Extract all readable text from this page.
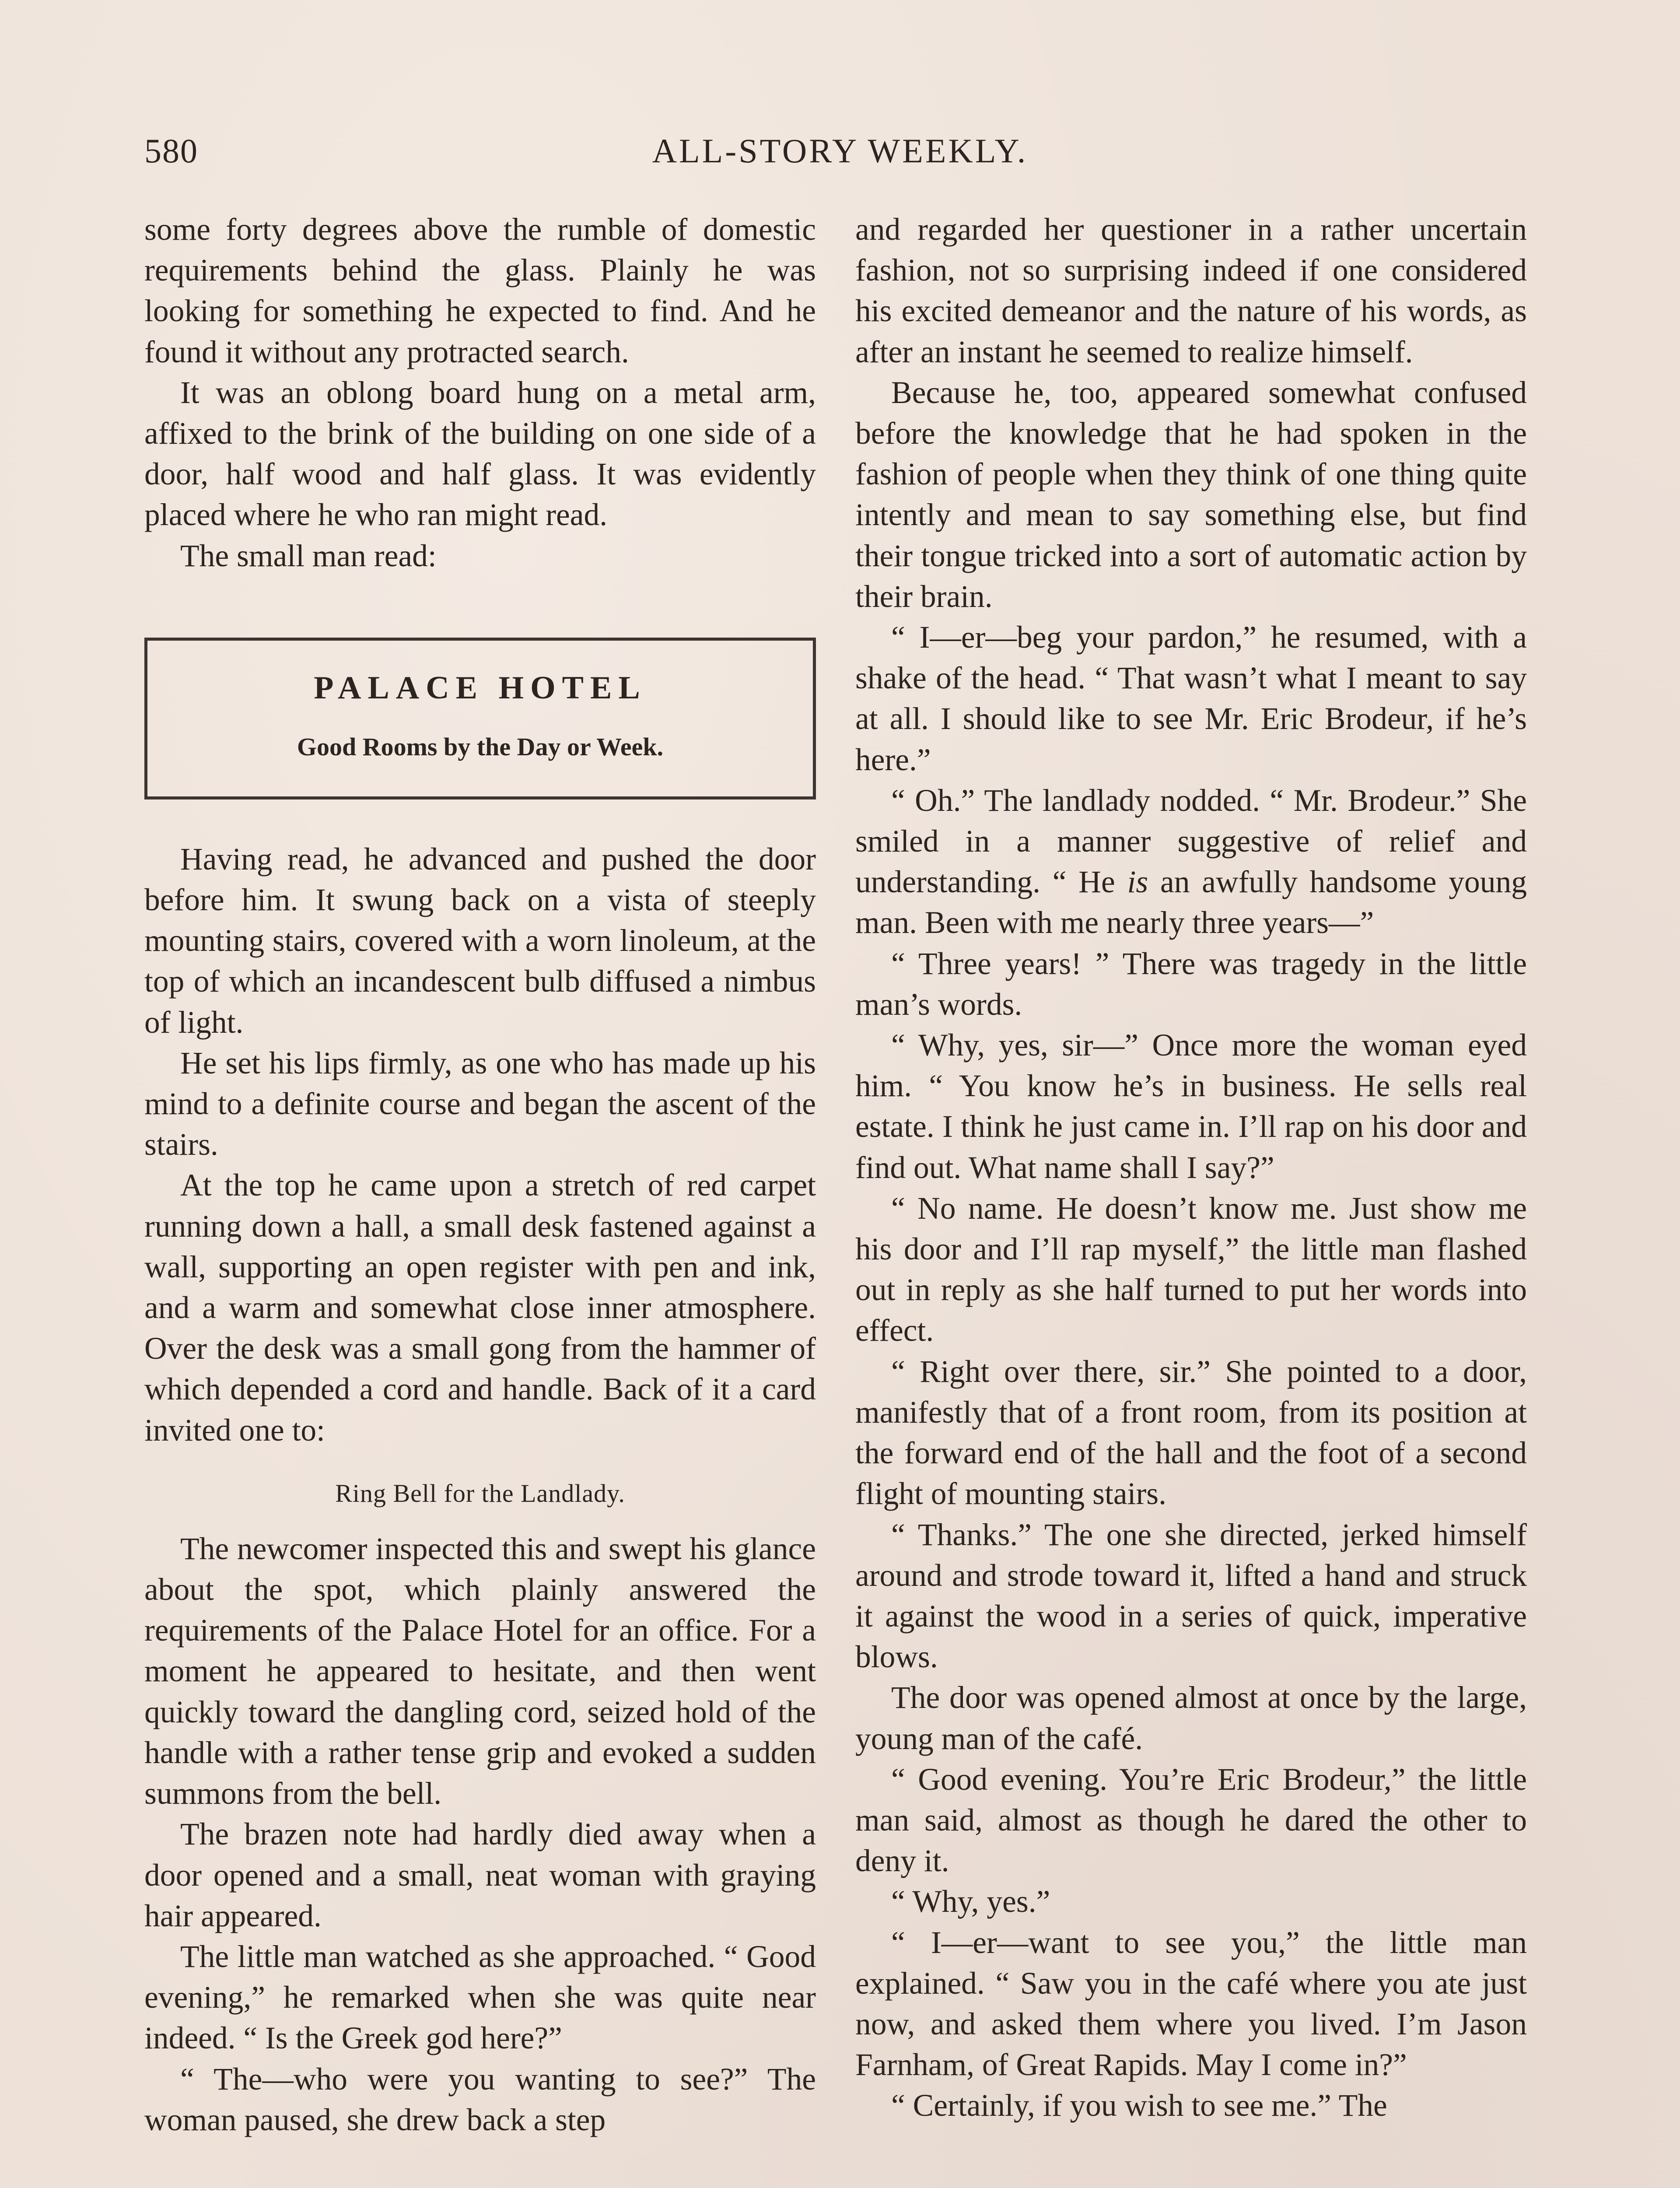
580	ALL-STORY WEEKLY.

some forty degrees above the rumble of domestic requirements behind the glass. Plainly he was looking for something he expected to find. And he found it without any protracted search.

It was an oblong board hung on a metal arm, affixed to the brink of the building on one side of a door, half wood and half glass. It was evidently placed where he who ran might read.

The small man read:

PALACE HOTEL
Good Rooms by the Day or Week.

Having read, he advanced and pushed the door before him. It swung back on a vista of steeply mounting stairs, covered with a worn linoleum, at the top of which an incandescent bulb diffused a nimbus of light.

He set his lips firmly, as one who has made up his mind to a definite course and began the ascent of the stairs.

At the top he came upon a stretch of red carpet running down a hall, a small desk fastened against a wall, supporting an open register with pen and ink, and a warm and somewhat close inner atmosphere. Over the desk was a small gong from the hammer of which depended a cord and handle. Back of it a card invited one to:

Ring Bell for the Landlady.

The newcomer inspected this and swept his glance about the spot, which plainly answered the requirements of the Palace Hotel for an office. For a moment he appeared to hesitate, and then went quickly toward the dangling cord, seized hold of the handle with a rather tense grip and evoked a sudden summons from the bell.

The brazen note had hardly died away when a door opened and a small, neat woman with graying hair appeared.

The little man watched as she approached. “ Good evening,” he remarked when she was quite near indeed. “ Is the Greek god here?”

“ The—who were you wanting to see?” The woman paused, she drew back a step

and regarded her questioner in a rather uncertain fashion, not so surprising indeed if one considered his excited demeanor and the nature of his words, as after an instant he seemed to realize himself.

Because he, too, appeared somewhat confused before the knowledge that he had spoken in the fashion of people when they think of one thing quite intently and mean to say something else, but find their tongue tricked into a sort of automatic action by their brain.

“ I—er—beg your pardon,” he resumed, with a shake of the head. “ That wasn’t what I meant to say at all. I should like to see Mr. Eric Brodeur, if he’s here.”

“ Oh.” The landlady nodded. “ Mr. Brodeur.” She smiled in a manner suggestive of relief and understanding. “ He is an awfully handsome young man. Been with me nearly three years—”

“ Three years! ” There was tragedy in the little man’s words.

“ Why, yes, sir—” Once more the woman eyed him. “ You know he’s in business. He sells real estate. I think he just came in. I’ll rap on his door and find out. What name shall I say?”

“ No name. He doesn’t know me. Just show me his door and I’ll rap myself,” the little man flashed out in reply as she half turned to put her words into effect.

“ Right over there, sir.” She pointed to a door, manifestly that of a front room, from its position at the forward end of the hall and the foot of a second flight of mounting stairs.

“ Thanks.” The one she directed, jerked himself around and strode toward it, lifted a hand and struck it against the wood in a series of quick, imperative blows.

The door was opened almost at once by the large, young man of the café.

“ Good evening. You’re Eric Brodeur,” the little man said, almost as though he dared the other to deny it.

“ Why, yes.”

“ I—er—want to see you,” the little man explained. “ Saw you in the café where you ate just now, and asked them where you lived. I’m Jason Farnham, of Great Rapids. May I come in?”

“ Certainly, if you wish to see me.” The
